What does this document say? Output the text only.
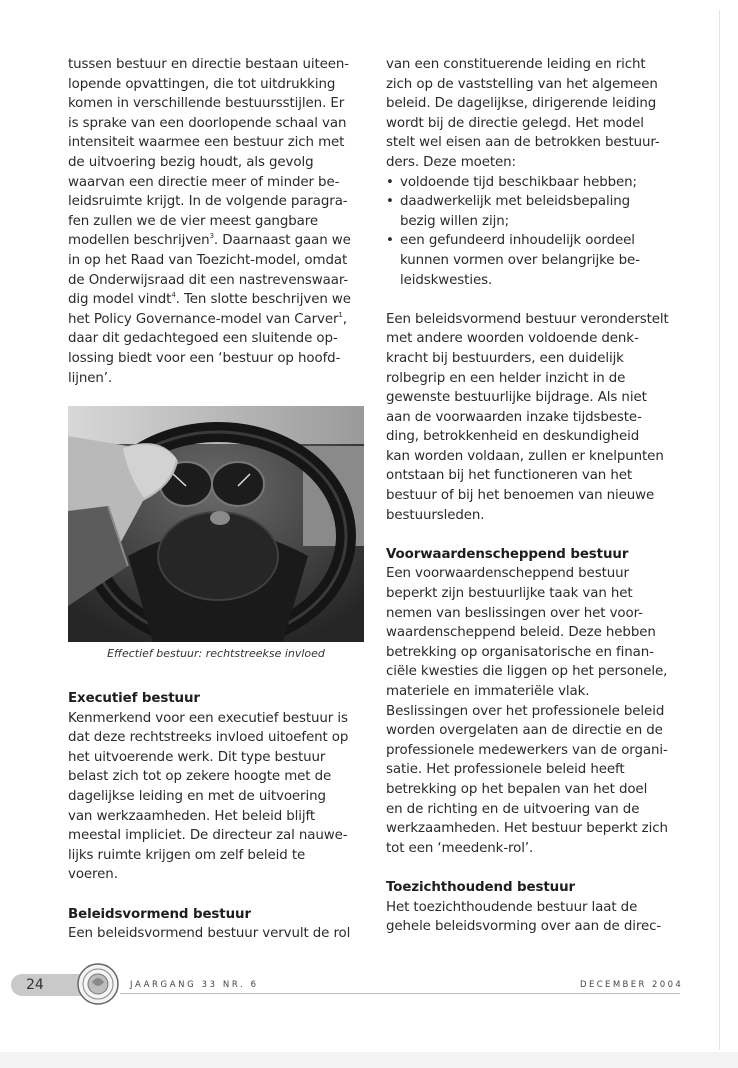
tussen bestuur en directie bestaan uiteen-
lopende opvattingen, die tot uitdrukking
komen in verschillende bestuursstijlen. Er
is sprake van een doorlopende schaal van
intensiteit waarmee een bestuur zich met
de uitvoering bezig houdt, als gevolg
waarvan een directie meer of minder be-
leidsruimte krijgt. In de volgende paragra-
fen zullen we de vier meest gangbare
modellen beschrijven$^3$. Daarnaast gaan we
in op het Raad van Toezicht-model, omdat
de Onderwijsraad dit een nastrevenswaar-
dig model vindt$^4$. Ten slotte beschrijven we
het Policy Governance-model van Carver$^1$,
daar dit gedachtegoed een sluitende op-
lossing biedt voor een ‘bestuur op hoofd-
lijnen’.
Effectief bestuur: rechtstreekse invloed
Executief bestuur
Kenmerkend voor een executief bestuur is
dat deze rechtstreeks invloed uitoefent op
het uitvoerende werk. Dit type bestuur
belast zich tot op zekere hoogte met de
dagelijkse leiding en met de uitvoering
van werkzaamheden. Het beleid blijft
meestal impliciet. De directeur zal nauwe-
lijks ruimte krijgen om zelf beleid te
voeren.
Beleidsvormend bestuur
Een beleidsvormend bestuur vervult de rol
van een constituerende leiding en richt
zich op de vaststelling van het algemeen
beleid. De dagelijkse, dirigerende leiding
wordt bij de directie gelegd. Het model
stelt wel eisen aan de betrokken bestuur-
ders. Deze moeten:
• voldoende tijd beschikbaar hebben;
• daadwerkelijk met beleidsbepaling
bezig willen zijn;
• een gefundeerd inhoudelijk oordeel
kunnen vormen over belangrijke be-
leidskwesties.
Een beleidsvormend bestuur veronderstelt
met andere woorden voldoende denk-
kracht bij bestuurders, een duidelijk
rolbegrip en een helder inzicht in de
gewenste bestuurlijke bijdrage. Als niet
aan de voorwaarden inzake tijdsbeste-
ding, betrokkenheid en deskundigheid
kan worden voldaan, zullen er knelpunten
ontstaan bij het functioneren van het
bestuur of bij het benoemen van nieuwe
bestuursleden.
Voorwaardenscheppend bestuur
Een voorwaardenscheppend bestuur
beperkt zijn bestuurlijke taak van het
nemen van beslissingen over het voor-
waardenscheppend beleid. Deze hebben
betrekking op organisatorische en finan-
ciële kwesties die liggen op het personele,
materiele en immateriële vlak.
Beslissingen over het professionele beleid
worden overgelaten aan de directie en de
professionele medewerkers van de organi-
satie. Het professionele beleid heeft
betrekking op het bepalen van het doel
en de richting en de uitvoering van de
werkzaamheden. Het bestuur beperkt zich
tot een ‘meedenk-rol’.
Toezichthoudend bestuur
Het toezichthoudende bestuur laat de
gehele beleidsvorming over aan de direc-
24	JAARGANG 33 NR. 6	DECEMBER 2004
